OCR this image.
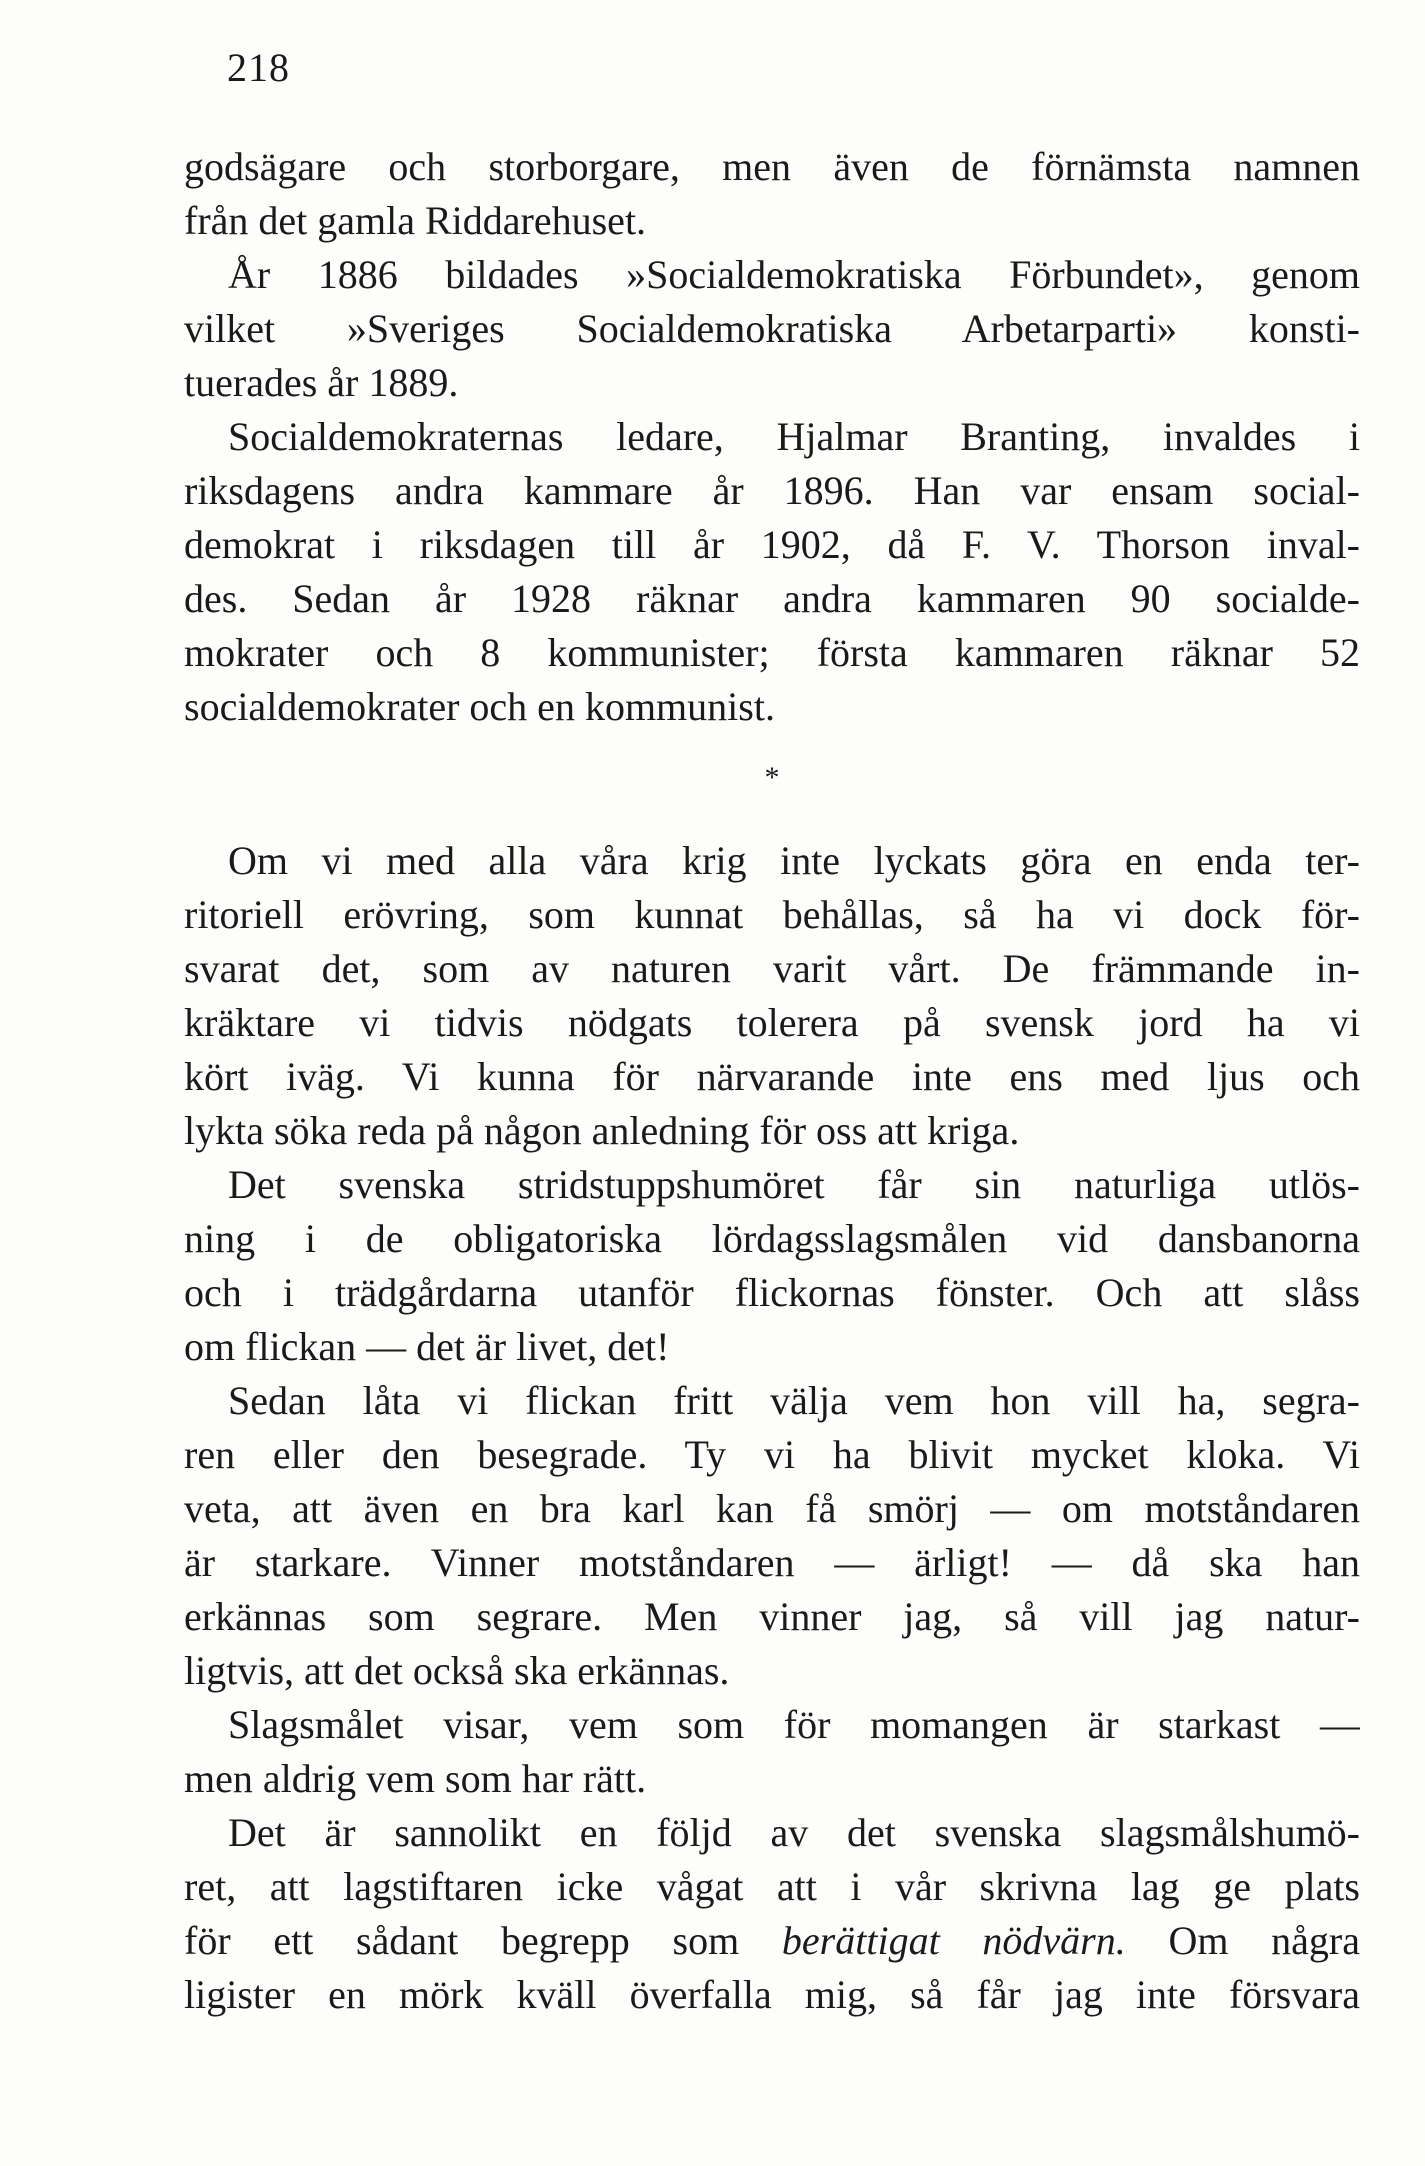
218
godsägare och storborgare, men även de förnämsta namnen
från det gamla Riddarehuset.
År 1886 bildades »Socialdemokratiska Förbundet», genom
vilket »Sveriges Socialdemokratiska Arbetarparti» konsti-
tuerades år 1889.
Socialdemokraternas ledare, Hjalmar Branting, invaldes i
riksdagens andra kammare år 1896. Han var ensam social-
demokrat i riksdagen till år 1902, då F. V. Thorson inval-
des. Sedan år 1928 räknar andra kammaren 90 socialde-
mokrater och 8 kommunister; första kammaren räknar 52
socialdemokrater och en kommunist.
*
Om vi med alla våra krig inte lyckats göra en enda ter-
ritoriell erövring, som kunnat behållas, så ha vi dock för-
svarat det, som av naturen varit vårt. De främmande in-
kräktare vi tidvis nödgats tolerera på svensk jord ha vi
kört iväg. Vi kunna för närvarande inte ens med ljus och
lykta söka reda på någon anledning för oss att kriga.
Det svenska stridstuppshumöret får sin naturliga utlös-
ning i de obligatoriska lördagsslagsmålen vid dansbanorna
och i trädgårdarna utanför flickornas fönster. Och att slåss
om flickan — det är livet, det!
Sedan låta vi flickan fritt välja vem hon vill ha, segra-
ren eller den besegrade. Ty vi ha blivit mycket kloka. Vi
veta, att även en bra karl kan få smörj — om motståndaren
är starkare. Vinner motståndaren — ärligt! — då ska han
erkännas som segrare. Men vinner jag, så vill jag natur-
ligtvis, att det också ska erkännas.
Slagsmålet visar, vem som för momangen är starkast —
men aldrig vem som har rätt.
Det är sannolikt en följd av det svenska slagsmålshumö-
ret, att lagstiftaren icke vågat att i vår skrivna lag ge plats
för ett sådant begrepp som berättigat nödvärn. Om några
ligister en mörk kväll överfalla mig, så får jag inte försvara
